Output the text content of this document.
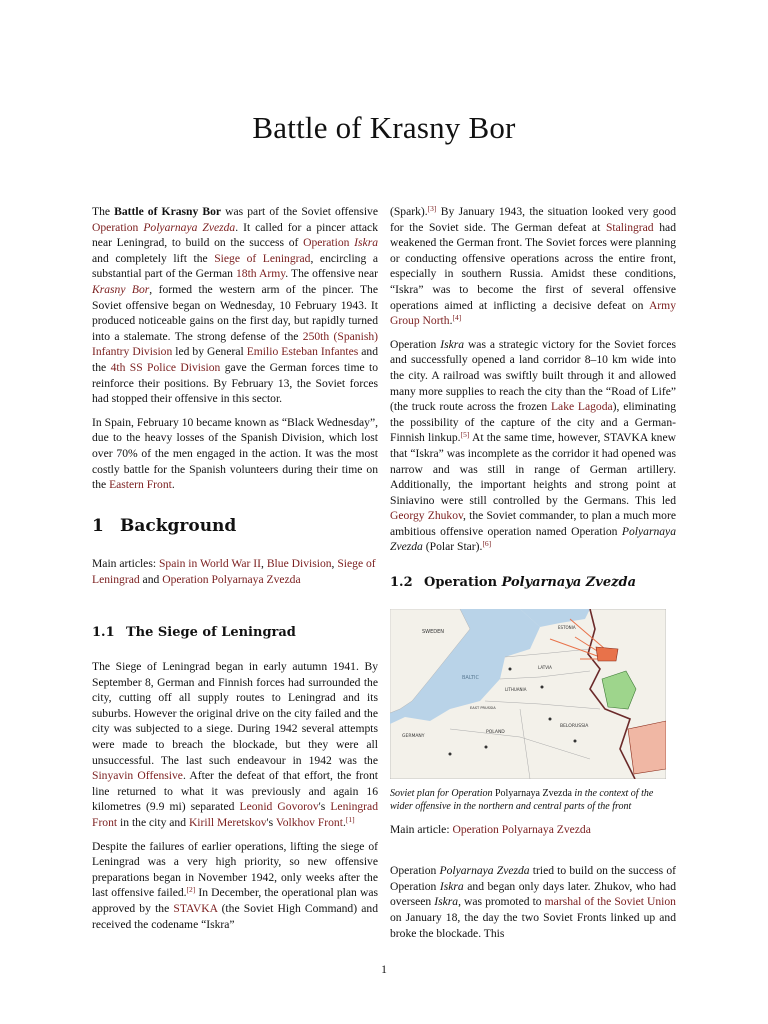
Battle of Krasny Bor

The Battle of Krasny Bor was part of the Soviet offensive Operation Polyarnaya Zvezda. It called for a pincer attack near Leningrad, to build on the success of Operation Iskra and completely lift the Siege of Leningrad, encircling a substantial part of the German 18th Army. The offensive near Krasny Bor, formed the western arm of the pincer. The Soviet offensive began on Wednesday, 10 February 1943. It produced noticeable gains on the first day, but rapidly turned into a stalemate. The strong defense of the 250th (Spanish) Infantry Division led by General Emilio Esteban Infantes and the 4th SS Police Division gave the German forces time to reinforce their positions. By February 13, the Soviet forces had stopped their offensive in this sector.

In Spain, February 10 became known as “Black Wednesday”, due to the heavy losses of the Spanish Division, which lost over 70% of the men engaged in the action. It was the most costly battle for the Spanish volunteers during their time on the Eastern Front.

1 Background

Main articles: Spain in World War II, Blue Division, Siege of Leningrad and Operation Polyarnaya Zvezda

1.1 The Siege of Leningrad

The Siege of Leningrad began in early autumn 1941. By September 8, German and Finnish forces had surrounded the city, cutting off all supply routes to Leningrad and its suburbs. However the original drive on the city failed and the city was subjected to a siege. During 1942 several attempts were made to breach the blockade, but they were all unsuccessful. The last such endeavour in 1942 was the Sinyavin Offensive. After the defeat of that effort, the front line returned to what it was previously and again 16 kilometres (9.9 mi) separated Leonid Govorov's Leningrad Front in the city and Kirill Meretskov's Volkhov Front.[1]

Despite the failures of earlier operations, lifting the siege of Leningrad was a very high priority, so new offensive preparations began in November 1942, only weeks after the last offensive failed.[2] In December, the operational plan was approved by the STAVKA (the Soviet High Command) and received the codename “Iskra”

(Spark).[3] By January 1943, the situation looked very good for the Soviet side. The German defeat at Stalingrad had weakened the German front. The Soviet forces were planning or conducting offensive operations across the entire front, especially in southern Russia. Amidst these conditions, “Iskra” was to become the first of several offensive operations aimed at inflicting a decisive defeat on Army Group North.[4]

Operation Iskra was a strategic victory for the Soviet forces and successfully opened a land corridor 8–10 km wide into the city. A railroad was swiftly built through it and allowed many more supplies to reach the city than the “Road of Life” (the truck route across the frozen Lake Lagoda), eliminating the possibility of the capture of the city and a German-Finnish linkup.[5] At the same time, however, STAVKA knew that “Iskra” was incomplete as the corridor it had opened was narrow and was still in range of German artillery. Additionally, the important heights and strong point at Siniavino were still controlled by the Germans. This led Georgy Zhukov, the Soviet commander, to plan a much more ambitious offensive operation named Operation Polyarnaya Zvezda (Polar Star).[6]

1.2 Operation Polyarnaya Zvezda
SWEDEN
ESTONIA
BALTIC
LATVIA
LITHUANIA
EAST PRUSSIA
BELORUSSIA
GERMANY
POLAND

Soviet plan for Operation Polyarnaya Zvezda in the context of the wider offensive in the northern and central parts of the front

Main article: Operation Polyarnaya Zvezda

Operation Polyarnaya Zvezda tried to build on the success of Operation Iskra and began only days later. Zhukov, who had overseen Iskra, was promoted to marshal of the Soviet Union on January 18, the day the two Soviet Fronts linked up and broke the blockade. This

1
